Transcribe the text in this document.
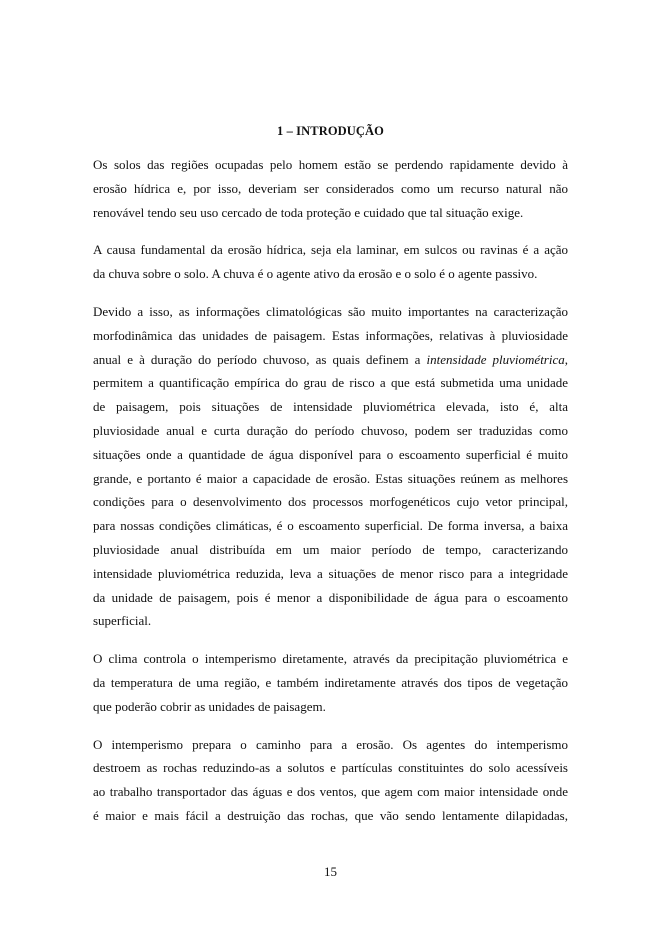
1 – INTRODUÇÃO
Os solos das regiões ocupadas pelo homem estão se perdendo rapidamente devido à
erosão hídrica e, por isso, deveriam ser considerados como um recurso natural não
renovável tendo seu uso cercado de toda proteção e cuidado que tal situação exige.
A causa fundamental da erosão hídrica, seja ela laminar, em sulcos ou ravinas é a ação
da chuva sobre o solo. A chuva é o agente ativo da erosão e o solo é o agente passivo.
Devido a isso, as informações climatológicas são muito importantes na caracterização
morfodinâmica das unidades de paisagem. Estas informações, relativas à pluviosidade
anual e à duração do período chuvoso, as quais definem a intensidade pluviométrica,
permitem a quantificação empírica do grau de risco a que está submetida uma unidade
de paisagem, pois situações de intensidade pluviométrica elevada, isto é, alta
pluviosidade anual e curta duração do período chuvoso, podem ser traduzidas como
situações onde a quantidade de água disponível para o escoamento superficial é muito
grande, e portanto é maior a capacidade de erosão. Estas situações reúnem as melhores
condições para o desenvolvimento dos processos morfogenéticos cujo vetor principal,
para nossas condições climáticas, é o escoamento superficial. De forma inversa, a baixa
pluviosidade anual distribuída em um maior período de tempo, caracterizando
intensidade pluviométrica reduzida, leva a situações de menor risco para a integridade
da unidade de paisagem, pois é menor a disponibilidade de água para o escoamento
superficial.
O clima controla o intemperismo diretamente, através da precipitação pluviométrica e
da temperatura de uma região, e também indiretamente através dos tipos de vegetação
que poderão cobrir as unidades de paisagem.
O intemperismo prepara o caminho para a erosão. Os agentes do intemperismo
destroem as rochas reduzindo-as a solutos e partículas constituintes do solo acessíveis
ao trabalho transportador das águas e dos ventos, que agem com maior intensidade onde
é maior e mais fácil a destruição das rochas, que vão sendo lentamente dilapidadas,
15
